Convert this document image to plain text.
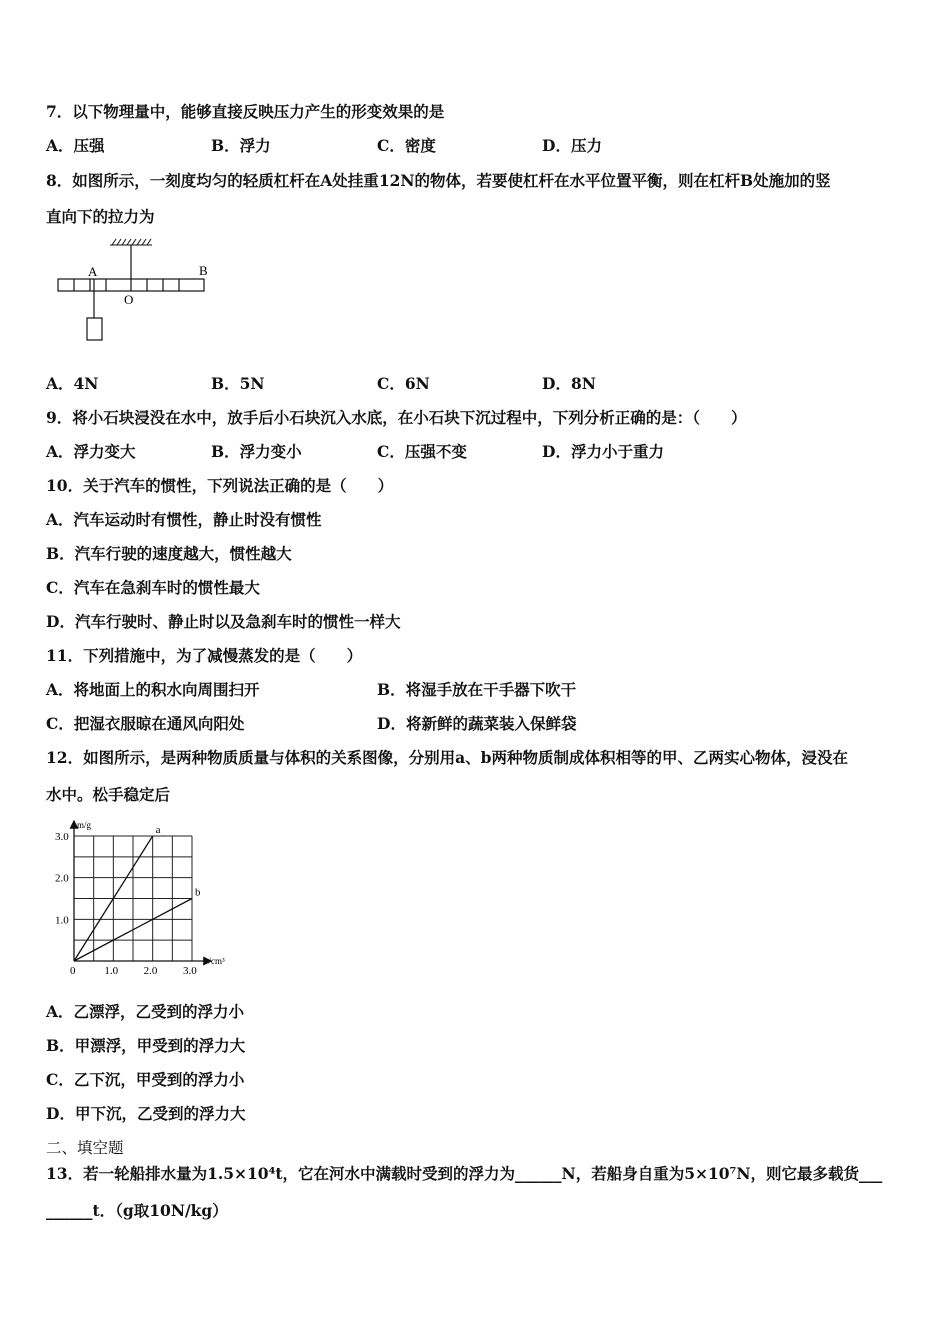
7．以下物理量中，能够直接反映压力产生的形变效果的是
A．压强	B．浮力	C．密度	D．压力
8．如图所示，一刻度均匀的轻质杠杆在A处挂重12N的物体，若要使杠杆在水平位置平衡，则在杠杆B处施加的竖
直向下的拉力为
A	B
O
A．4N	B．5N	C．6N	D．8N
9．将小石块浸没在水中，放手后小石块沉入水底，在小石块下沉过程中，下列分析正确的是：（　　）
A．浮力变大	B．浮力变小	C．压强不变	D．浮力小于重力
10．关于汽车的惯性，下列说法正确的是（　　）
A．汽车运动时有惯性，静止时没有惯性
B．汽车行驶的速度越大，惯性越大
C．汽车在急刹车时的惯性最大
D．汽车行驶时、静止时以及急刹车时的惯性一样大
11．下列措施中，为了减慢蒸发的是（　　）
A．将地面上的积水向周围扫开	B．将湿手放在干手器下吹干
C．把湿衣服晾在通风向阳处	D．将新鲜的蔬菜装入保鲜袋
12．如图所示，是两种物质质量与体积的关系图像，分别用a、b两种物质制成体积相等的甲、乙两实心物体，浸没在
水中。松手稳定后
a
b
0	1.0 2.0 3.0
1.0
2.0
3.0
v/cm³
m/g
A．乙漂浮，乙受到的浮力小
B．甲漂浮，甲受到的浮力大
C．乙下沉，甲受到的浮力小
D．甲下沉，乙受到的浮力大
二、填空题
13．若一轮船排水量为1.5×10⁴t，它在河水中满载时受到的浮力为______N，若船身自重为5×10⁷N，则它最多载货___
______t．（g取10N/kg）
